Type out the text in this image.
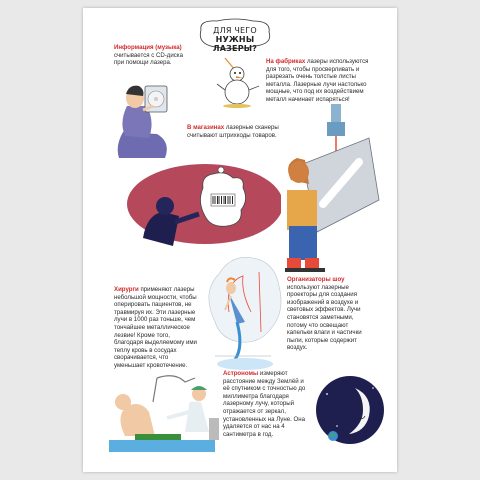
ДЛЯ ЧЕГО
НУЖНЫ ЛАЗЕРЫ?
Информация (музыка) считывается с CD-диска при помощи лазера.	На фабриках лазеры используются для того, чтобы просверливать и разрезать очень толстые листы металла. Лазерные лучи настолько мощные, что под их воздействием металл начинает испаряться!
В магазинах лазерные сканеры считывают штрихкоды товаров.
Хирурги применяют лазеры небольшой мощности, чтобы оперировать пациентов, не травмируя их. Эти лазерные лучи в 1000 раз тоньше, чем тончайшее металлическое лезвие! Кроме того, благодаря выделяемому ими теплу кровь в сосудах сворачивается, что уменьшает кровотечение.
Организаторы шоу используют лазерные проекторы для создания изображений в воздухе и световых эффектов. Лучи становятся заметными, потому что освещают капельки влаги и частички пыли, которые содержит воздух.
Астрономы измеряют расстояние между Землёй и её спутником с точностью до миллиметра благодаря лазерному лучу, который отражается от зеркал, установленных на Луне. Она удаляется от нас на 4 сантиметра в год.
